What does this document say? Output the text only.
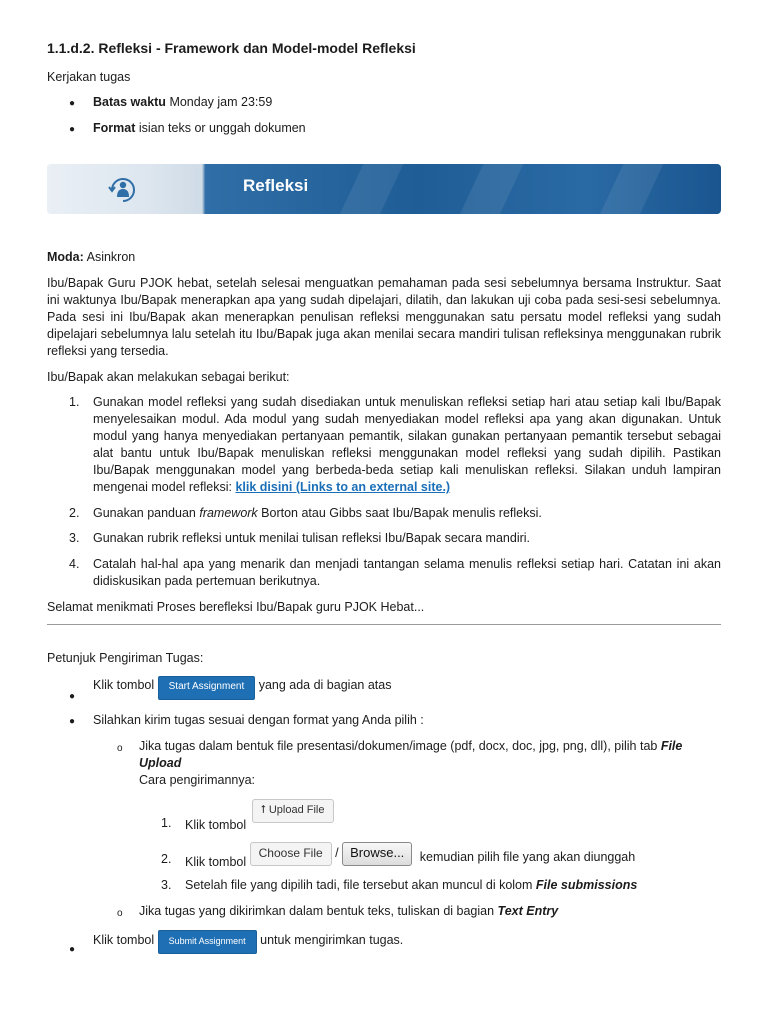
1.1.d.2. Refleksi - Framework dan Model-model Refleksi

Kerjakan tugas

● Batas waktu Monday jam 23:59
● Format isian teks or unggah dokumen
Refleksi

Moda: Asinkron

Ibu/Bapak Guru PJOK hebat, setelah selesai menguatkan pemahaman pada sesi sebelumnya bersama Instruktur. Saat ini waktunya Ibu/Bapak menerapkan apa yang sudah dipelajari, dilatih, dan lakukan uji coba pada sesi-sesi sebelumnya. Pada sesi ini Ibu/Bapak akan menerapkan penulisan refleksi menggunakan satu persatu model refleksi yang sudah dipelajari sebelumnya lalu setelah itu Ibu/Bapak juga akan menilai secara mandiri tulisan refleksinya menggunakan rubrik refleksi yang tersedia.

Ibu/Bapak akan melakukan sebagai berikut:

1. Gunakan model refleksi yang sudah disediakan untuk menuliskan refleksi setiap hari atau setiap kali Ibu/Bapak menyelesaikan modul. Ada modul yang sudah menyediakan model refleksi apa yang akan digunakan. Untuk modul yang hanya menyediakan pertanyaan pemantik, silakan gunakan pertanyaan pemantik tersebut sebagai alat bantu untuk Ibu/Bapak menuliskan refleksi menggunakan model refleksi yang sudah dipilih. Pastikan Ibu/Bapak menggunakan model yang berbeda-beda setiap kali menuliskan refleksi. Silakan unduh lampiran mengenai model refleksi: klik disini (Links to an external site.)

2. Gunakan panduan framework Borton atau Gibbs saat Ibu/Bapak menulis refleksi.

3. Gunakan rubrik refleksi untuk menilai tulisan refleksi Ibu/Bapak secara mandiri.

4. Catalah hal-hal apa yang menarik dan menjadi tantangan selama menulis refleksi setiap hari. Catatan ini akan didiskusikan pada pertemuan berikutnya.

Selamat menikmati Proses berefleksi Ibu/Bapak guru PJOK Hebat...

Petunjuk Pengiriman Tugas:

●
Klik tombol Start Assignment yang ada di bagian atas
● Silahkan kirim tugas sesuai dengan format yang Anda pilih :

o Jika tugas dalam bentuk file presentasi/dokumen/image (pdf, docx, doc, jpg, png, dll), pilih tab File Upload

Cara pengirimannya:

1. Klik tombol ⭡ Upload File
2. Klik tombol Choose File / Browse... kemudian pilih file yang akan diunggah
3. Setelah file yang dipilih tadi, file tersebut akan muncul di kolom File submissions

o Jika tugas yang dikirimkan dalam bentuk teks, tuliskan di bagian Text Entry

●
Klik tombol Submit Assignment untuk mengirimkan tugas.
